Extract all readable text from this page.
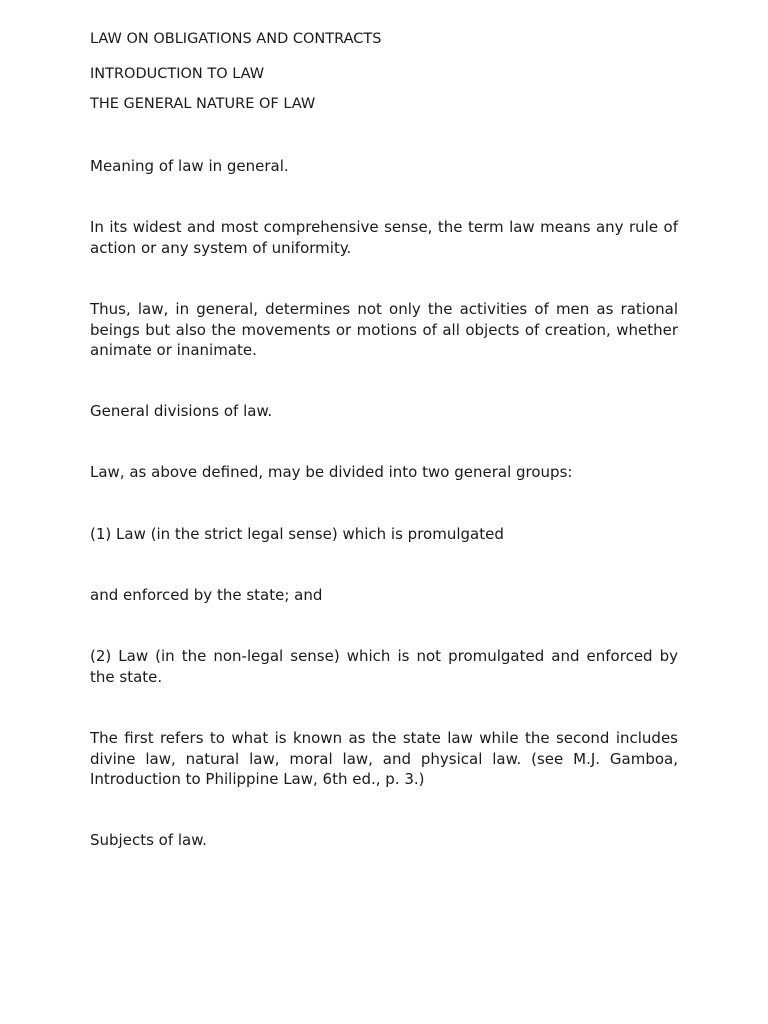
LAW ON OBLIGATIONS AND CONTRACTS

INTRODUCTION TO LAW

THE GENERAL NATURE OF LAW

Meaning of law in general.

In its widest and most comprehensive sense, the term law means any rule of action or any system of uniformity.

Thus, law, in general, determines not only the activities of men as rational beings but also the movements or motions of all objects of creation, whether animate or inanimate.

General divisions of law.

Law, as above defined, may be divided into two general groups:

(1) Law (in the strict legal sense) which is promulgated

and enforced by the state; and

(2) Law (in the non-legal sense) which is not promulgated and enforced by the state.

The first refers to what is known as the state law while the second includes divine law, natural law, moral law, and physical law. (see M.J. Gamboa, Introduction to Philippine Law, 6th ed., p. 3.)

Subjects of law.
